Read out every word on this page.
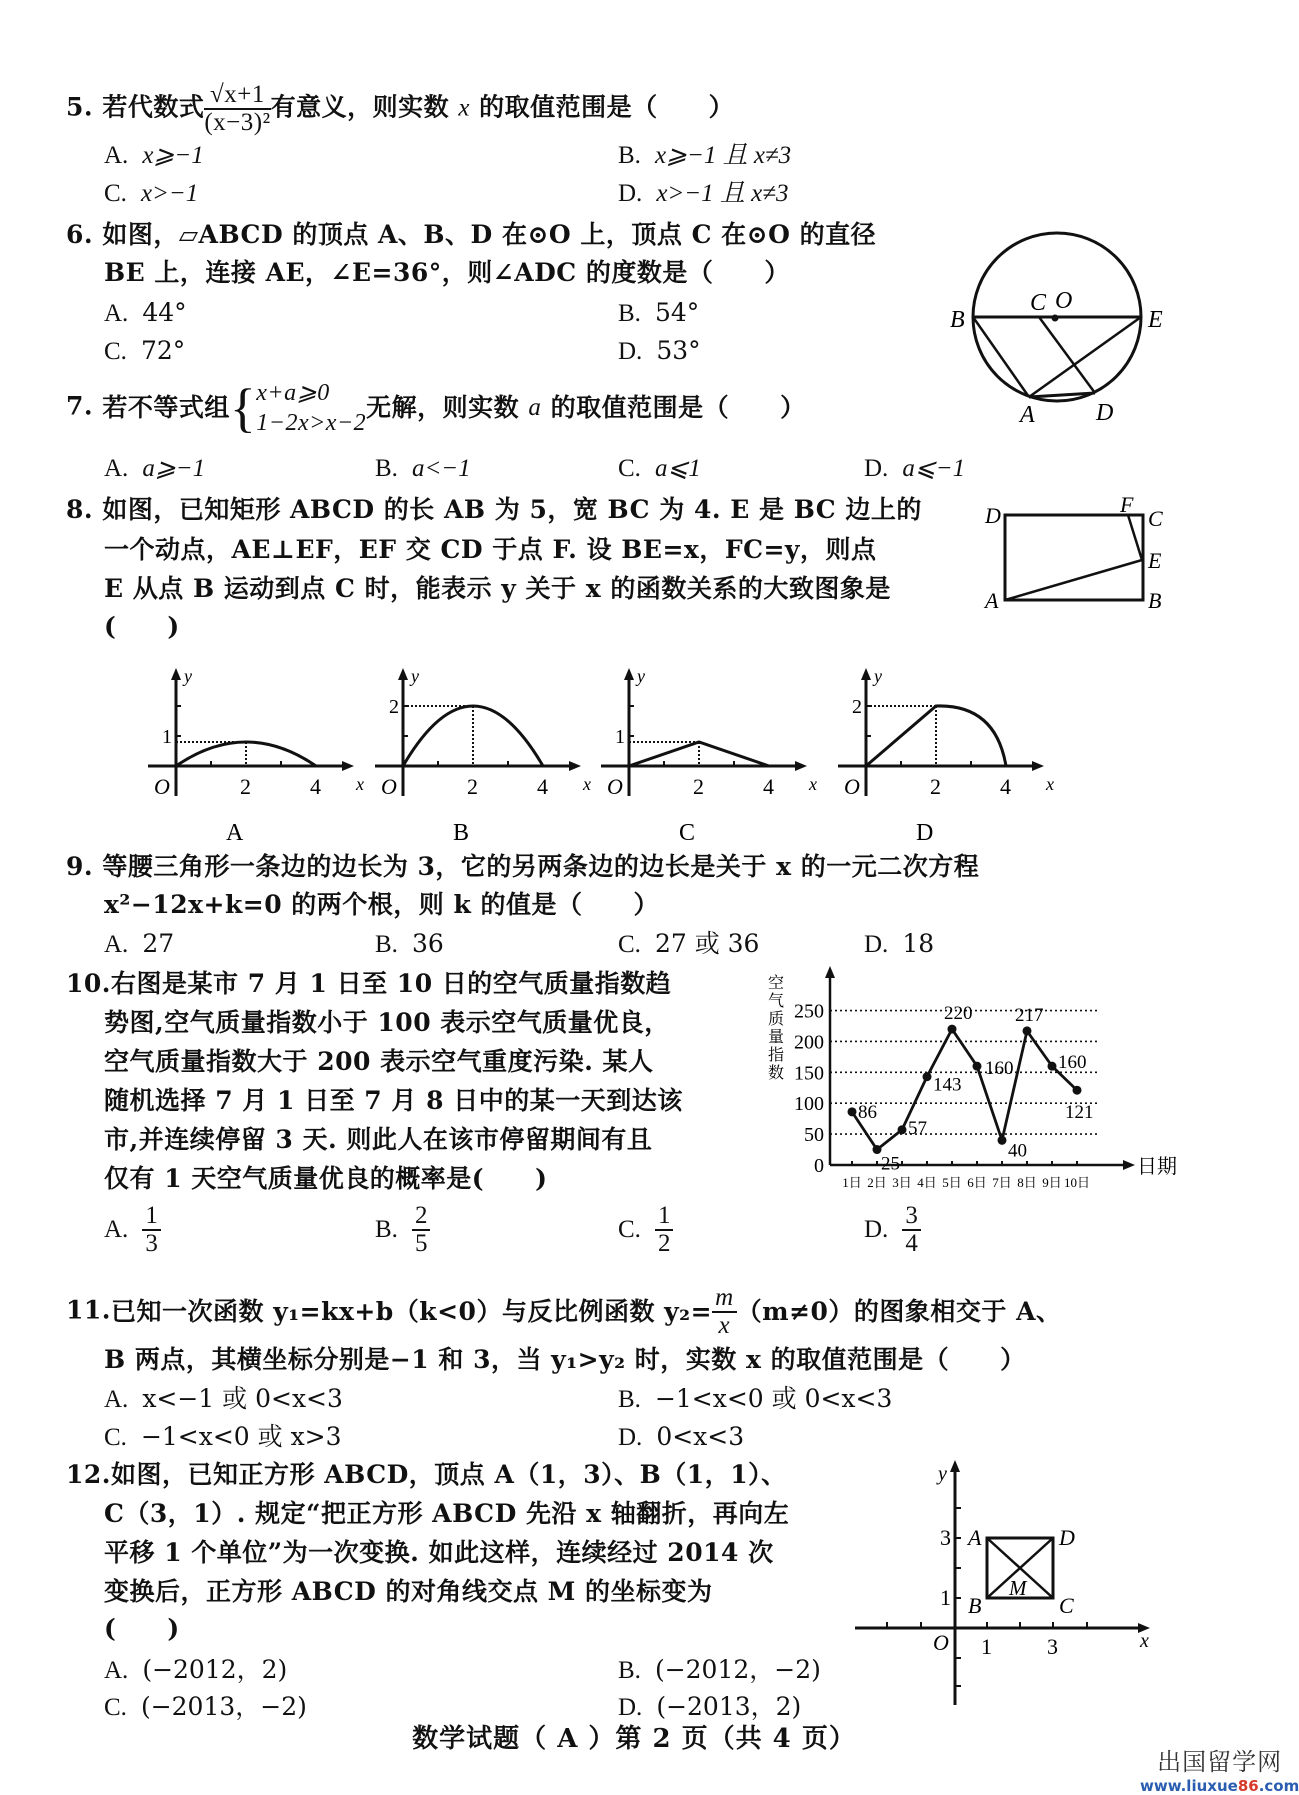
5. 若代数式 $\frac{√x+1}{\text{(x−3)²}}$ 有意义，则实数 x 的取值范围是（　　）
A. x⩾−1	B. x⩾−1 且 x≠3
C. x>−1	D. x>−1 且 x≠3
6. 如图，▱ABCD 的顶点 A、B、D 在⊙O 上，顶点 C 在⊙O 的直径
BE 上，连接 AE，∠E=36°，则∠ADC 的度数是（　　）
A. 44°	B. 54°
C. 72°	D. 53°
B
C O
E
A	D
7. 若不等式组{ x+a⩾0
1−2x>x−2
无解，则实数 a 的取值范围是（　　）
A. a⩾−1	B. a<−1	C. a⩽1	D. a⩽−1
8. 如图，已知矩形 ABCD 的长 AB 为 5，宽 BC 为 4. E 是 BC 边上的
一个动点，AE⊥EF，EF 交 CD 于点 F. 设 BE=x，FC=y，则点
E 从点 B 运动到点 C 时，能表示 y 关于 x 的函数关系的大致图象是
(　　)
D	F
C
E
A	B
O	2	4 x
y
1
A
O	2	4 x
y
2
B
O	2	4 x
y
1
C
O	2	4 x
y
2
D
9. 等腰三角形一条边的边长为 3，它的另两条边的边长是关于 x 的一元二次方程
x²−12x+k=0 的两个根，则 k 的值是（　　）
A. 27	B. 36	C. 27 或 36	D. 18
10.右图是某市 7 月 1 日至 10 日的空气质量指数趋
势图,空气质量指数小于 100 表示空气质量优良，
空气质量指数大于 200 表示空气重度污染. 某人
随机选择 7 月 1 日至 7 月 8 日中的某一天到达该
市,并连续停留 3 天. 则此人在该市停留期间有且
仅有 1 天空气质量优良的概率是(　　)
A. $\frac{1}{3}$	B. $\frac{2}{5}$	C. $\frac{1}{2}$	D. $\frac{3}{4}$
0
50
100
150
200
250
空气质量指数
日期
1日 2日 3日 4日 5日 6日 7日 8日 9日 10日
86
25
57
143
220
160
40
217
160
121
11.已知一次函数 y₁=kx+b（k<0）与反比例函数 $y_2= \frac{m}{x} (m\ne 0)$的图象相交于 A、
B 两点，其横坐标分别是−1 和 3，当 y₁>y₂ 时，实数 x 的取值范围是（　　）
A. x<−1 或 0<x<3	B. −1<x<0 或 0<x<3
C. −1<x<0 或 x>3	D. 0<x<3
12.如图，已知正方形 ABCD，顶点 A（1，3）、B（1，1）、
C（3，1）. 规定“把正方形 ABCD 先沿 x 轴翻折，再向左
平移 1 个单位”为一次变换. 如此这样，连续经过 2014 次
变换后，正方形 ABCD 的对角线交点 M 的坐标变为
(　　)
A. (−2012，2)	B. (−2012，−2)
C. (−2013，−2)	D. (−2013，2)
A	D
B	C
M
O 1	3
1
3
x
y
数学试题（ A ）第 2 页（共 4 页）
出国留学网
www.liuxue86.com
